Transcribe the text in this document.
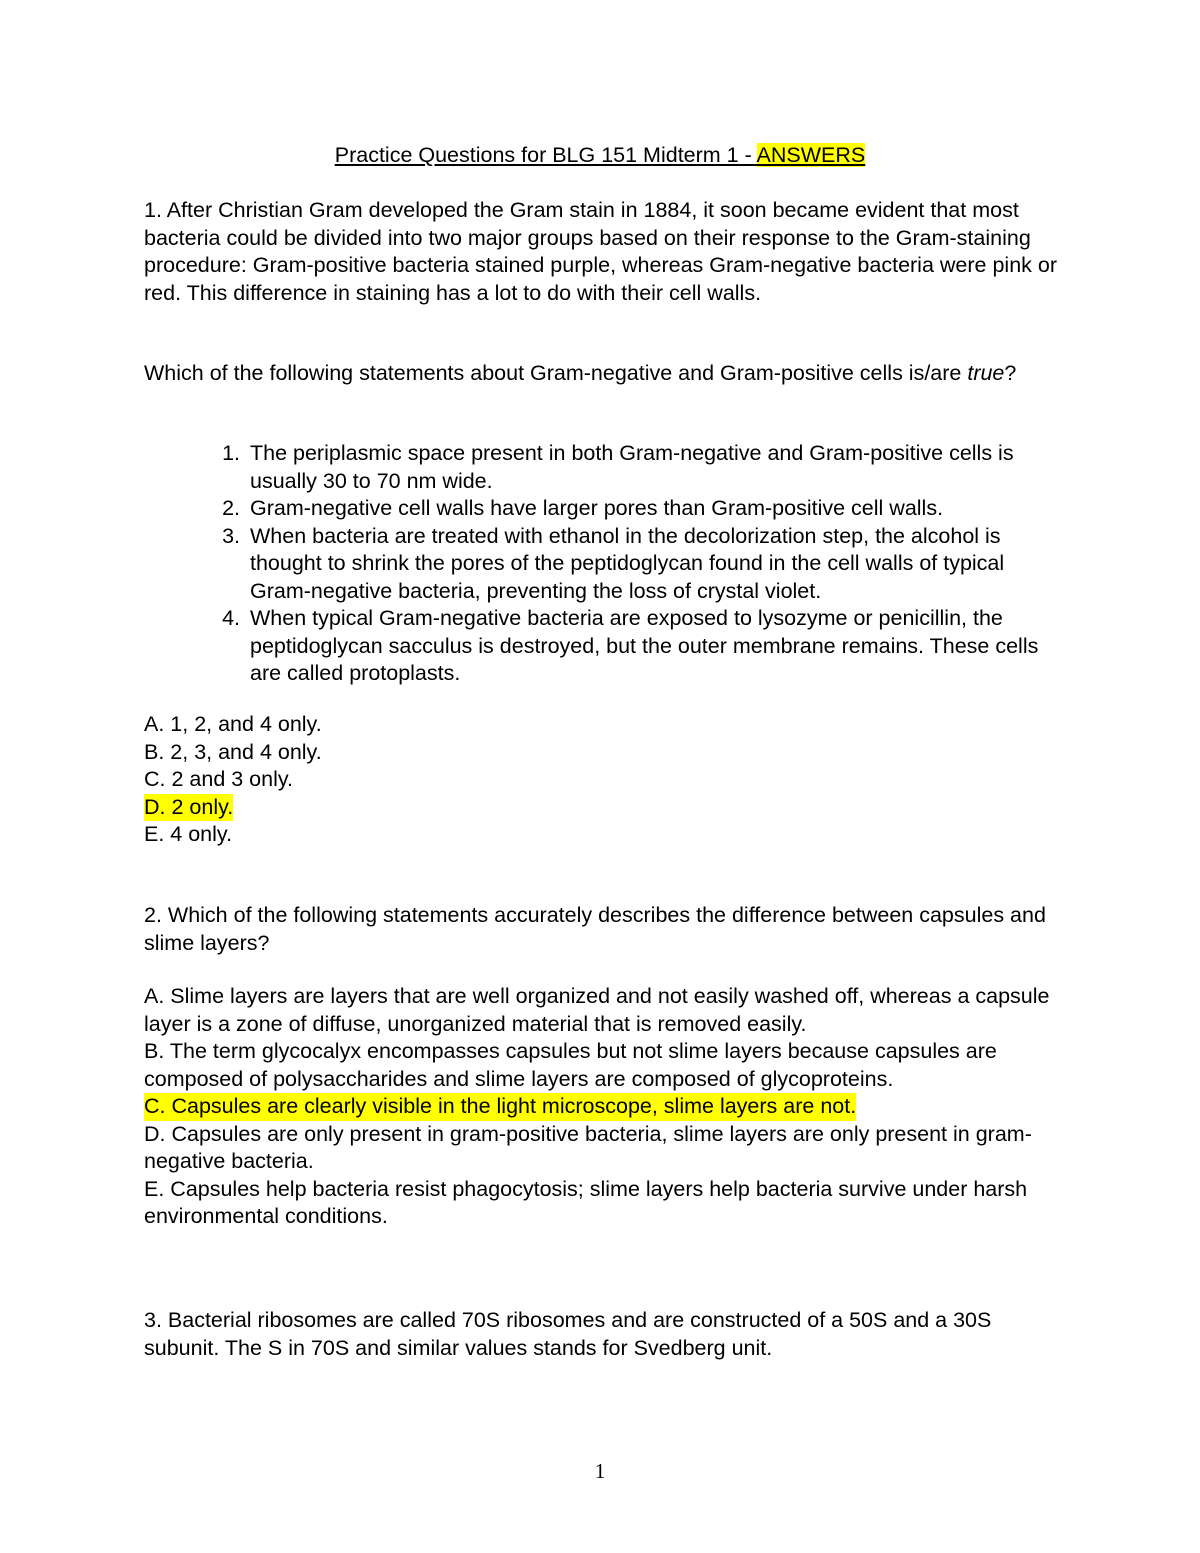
Practice Questions for BLG 151 Midterm 1 - ANSWERS
1. After Christian Gram developed the Gram stain in 1884, it soon became evident that most bacteria could be divided into two major groups based on their response to the Gram-staining procedure: Gram-positive bacteria stained purple, whereas Gram-negative bacteria were pink or red. This difference in staining has a lot to do with their cell walls.
Which of the following statements about Gram-negative and Gram-positive cells is/are true?
1. The periplasmic space present in both Gram-negative and Gram-positive cells is usually 30 to 70 nm wide.
2. Gram-negative cell walls have larger pores than Gram-positive cell walls.
3. When bacteria are treated with ethanol in the decolorization step, the alcohol is thought to shrink the pores of the peptidoglycan found in the cell walls of typical Gram-negative bacteria, preventing the loss of crystal violet.
4. When typical Gram-negative bacteria are exposed to lysozyme or penicillin, the peptidoglycan sacculus is destroyed, but the outer membrane remains. These cells are called protoplasts.
A. 1, 2, and 4 only.
B. 2, 3, and 4 only.
C. 2 and 3 only.
D. 2 only.
E. 4 only.
2. Which of the following statements accurately describes the difference between capsules and slime layers?
A. Slime layers are layers that are well organized and not easily washed off, whereas a capsule layer is a zone of diffuse, unorganized material that is removed easily.
B. The term glycocalyx encompasses capsules but not slime layers because capsules are composed of polysaccharides and slime layers are composed of glycoproteins.
C. Capsules are clearly visible in the light microscope, slime layers are not.
D. Capsules are only present in gram-positive bacteria, slime layers are only present in gram-negative bacteria.
E. Capsules help bacteria resist phagocytosis; slime layers help bacteria survive under harsh environmental conditions.
3. Bacterial ribosomes are called 70S ribosomes and are constructed of a 50S and a 30S subunit. The S in 70S and similar values stands for Svedberg unit.
1
